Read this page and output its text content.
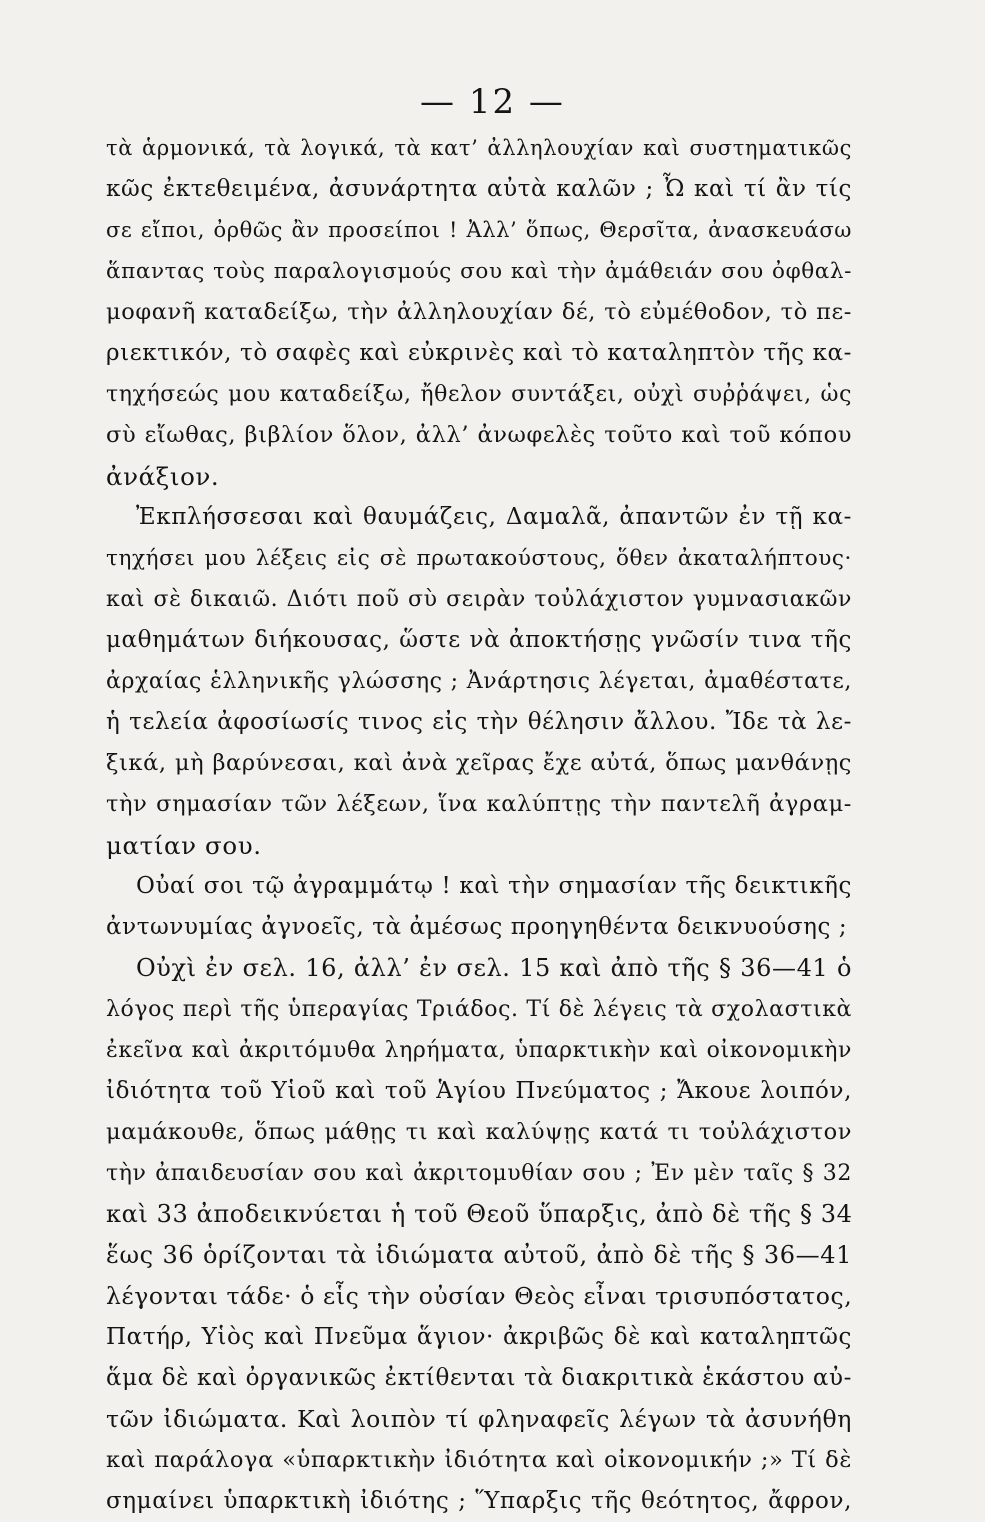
— 12 —
τὰ ἁρμονικά, τὰ λογικά, τὰ κατ’ ἀλληλουχίαν καὶ συστηματικῶς
κῶς ἐκτεθειμένα, ἀσυνάρτητα αὐτὰ καλῶν ; Ὦ καὶ τί ἂν τίς
σε εἴποι, ὀρθῶς ἂν προσείποι ! Ἀλλ’ ὅπως, Θερσῖτα, ἀνασκευάσω
ἅπαντας τοὺς παραλογισμούς σου καὶ τὴν ἀμάθειάν σου ὀφθαλ-
μοφανῆ καταδείξω, τὴν ἀλληλουχίαν δέ, τὸ εὐμέθοδον, τὸ πε-
ριεκτικόν, τὸ σαφὲς καὶ εὐκρινὲς καὶ τὸ καταληπτὸν τῆς κα-
τηχήσεώς μου καταδείξω, ἤθελον συντάξει, οὐχὶ συῤῥάψει, ὡς
σὺ εἴωθας, βιβλίον ὅλον, ἀλλ’ ἀνωφελὲς τοῦτο καὶ τοῦ κόπου
ἀνάξιον.
Ἐκπλήσσεσαι καὶ θαυμάζεις, Δαμαλᾶ, ἀπαντῶν ἐν τῇ κα-
τηχήσει μου λέξεις εἰς σὲ πρωτακούστους, ὅθεν ἀκαταλήπτους·
καὶ σὲ δικαιῶ. Διότι ποῦ σὺ σειρὰν τοὐλάχιστον γυμνασιακῶν
μαθημάτων διήκουσας, ὥστε νὰ ἀποκτήσῃς γνῶσίν τινα τῆς
ἀρχαίας ἑλληνικῆς γλώσσης ; Ἀνάρτησις λέγεται, ἀμαθέστατε,
ἡ τελεία ἀφοσίωσίς τινος εἰς τὴν θέλησιν ἄλλου. Ἴδε τὰ λε-
ξικά, μὴ βαρύνεσαι, καὶ ἀνὰ χεῖρας ἔχε αὐτά, ὅπως μανθάνῃς
τὴν σημασίαν τῶν λέξεων, ἵνα καλύπτῃς τὴν παντελῆ ἀγραμ-
ματίαν σου.
Οὐαί σοι τῷ ἀγραμμάτῳ ! καὶ τὴν σημασίαν τῆς δεικτικῆς
ἀντωνυμίας ἀγνοεῖς, τὰ ἀμέσως προηγηθέντα δεικνυούσης ;
Οὐχὶ ἐν σελ. 16, ἀλλ’ ἐν σελ. 15 καὶ ἀπὸ τῆς § 36—41 ὁ
λόγος περὶ τῆς ὑπεραγίας Τριάδος. Τί δὲ λέγεις τὰ σχολαστικὰ
ἐκεῖνα καὶ ἀκριτόμυθα ληρήματα, ὑπαρκτικὴν καὶ οἰκονομικὴν
ἰδιότητα τοῦ Υἱοῦ καὶ τοῦ Ἁγίου Πνεύματος ; Ἄκουε λοιπόν,
μαμάκουθε, ὅπως μάθῃς τι καὶ καλύψῃς κατά τι τοὐλάχιστον
τὴν ἀπαιδευσίαν σου καὶ ἀκριτομυθίαν σου ; Ἐν μὲν ταῖς § 32
καὶ 33 ἀποδεικνύεται ἡ τοῦ Θεοῦ ὕπαρξις, ἀπὸ δὲ τῆς § 34
ἕως 36 ὁρίζονται τὰ ἰδιώματα αὐτοῦ, ἀπὸ δὲ τῆς § 36—41
λέγονται τάδε· ὁ εἷς τὴν οὐσίαν Θεὸς εἶναι τρισυπόστατος,
Πατήρ, Υἱὸς καὶ Πνεῦμα ἅγιον· ἀκριβῶς δὲ καὶ καταληπτῶς
ἅμα δὲ καὶ ὀργανικῶς ἐκτίθενται τὰ διακριτικὰ ἑκάστου αὐ-
τῶν ἰδιώματα. Καὶ λοιπὸν τί φληναφεῖς λέγων τὰ ἀσυνήθη
καὶ παράλογα «ὑπαρκτικὴν ἰδιότητα καὶ οἰκονομικήν ;» Τί δὲ
σημαίνει ὑπαρκτικὴ ἰδιότης ; Ὕπαρξις τῆς θεότητος, ἄφρον,
